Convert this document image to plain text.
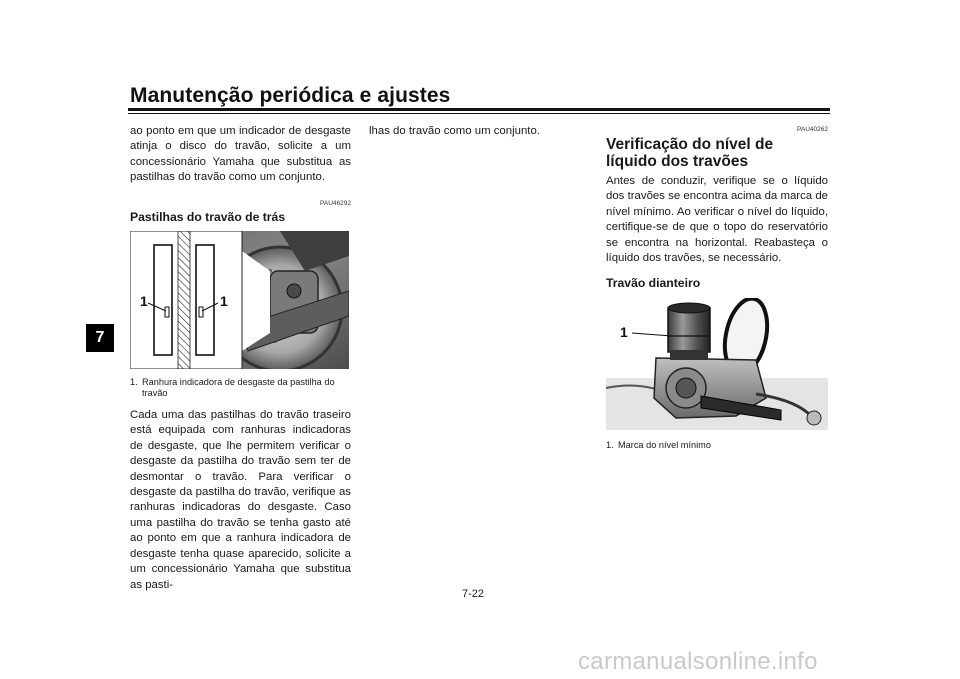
Manutenção periódica e ajustes
7

ao ponto em que um indicador de desgaste atinja o disco do travão, solicite a um concessionário Yamaha que substitua as pastilhas do travão como um conjunto.

PAU46292
Pastilhas do travão de trás
1	1
1. Ranhura indicadora de desgaste da pastilha do travão

Cada uma das pastilhas do travão traseiro está equipada com ranhuras indicadoras de desgaste, que lhe permitem verificar o desgaste da pastilha do travão sem ter de desmontar o travão. Para verificar o desgaste da pastilha do travão, verifique as ranhuras indicadoras do desgaste. Caso uma pastilha do travão se tenha gasto até ao ponto em que a ranhura indicadora de desgaste tenha quase aparecido, solicite a um concessionário Yamaha que substitua as pasti-

lhas do travão como um conjunto.	PAU40262
Verificação do nível de líquido dos travões

Antes de conduzir, verifique se o líquido dos travões se encontra acima da marca de nível mínimo. Ao verificar o nível do líquido, certifique-se de que o topo do reservatório se encontra na horizontal. Reabasteça o líquido dos travões, se necessário.

Travão dianteiro
1
1. Marca do nível mínimo
7-22
carmanualsonline.info
